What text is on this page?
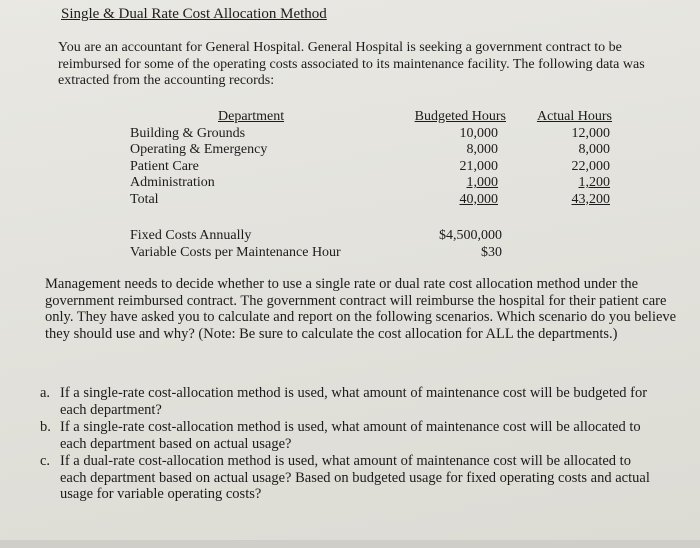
Single & Dual Rate Cost Allocation Method
You are an accountant for General Hospital. General Hospital is seeking a government contract to be reimbursed for some of the operating costs associated to its maintenance facility. The following data was extracted from the accounting records:
Department
Building & Grounds
Operating & Emergency
Patient Care
Administration
Total
Budgeted Hours
10,000
8,000
21,000
1,000
40,000
Actual Hours
12,000
8,000
22,000
1,200
43,200
Fixed Costs Annually	$4,500,000
Variable Costs per Maintenance Hour	$30
Management needs to decide whether to use a single rate or dual rate cost allocation method under the government reimbursed contract. The government contract will reimburse the hospital for their patient care only. They have asked you to calculate and report on the following scenarios. Which scenario do you believe they should use and why? (Note: Be sure to calculate the cost allocation for ALL the departments.)
a. If a single-rate cost-allocation method is used, what amount of maintenance cost will be budgeted for each department?
b. If a single-rate cost-allocation method is used, what amount of maintenance cost will be allocated to each department based on actual usage?
c. If a dual-rate cost-allocation method is used, what amount of maintenance cost will be allocated to each department based on actual usage? Based on budgeted usage for fixed operating costs and actual usage for variable operating costs?
